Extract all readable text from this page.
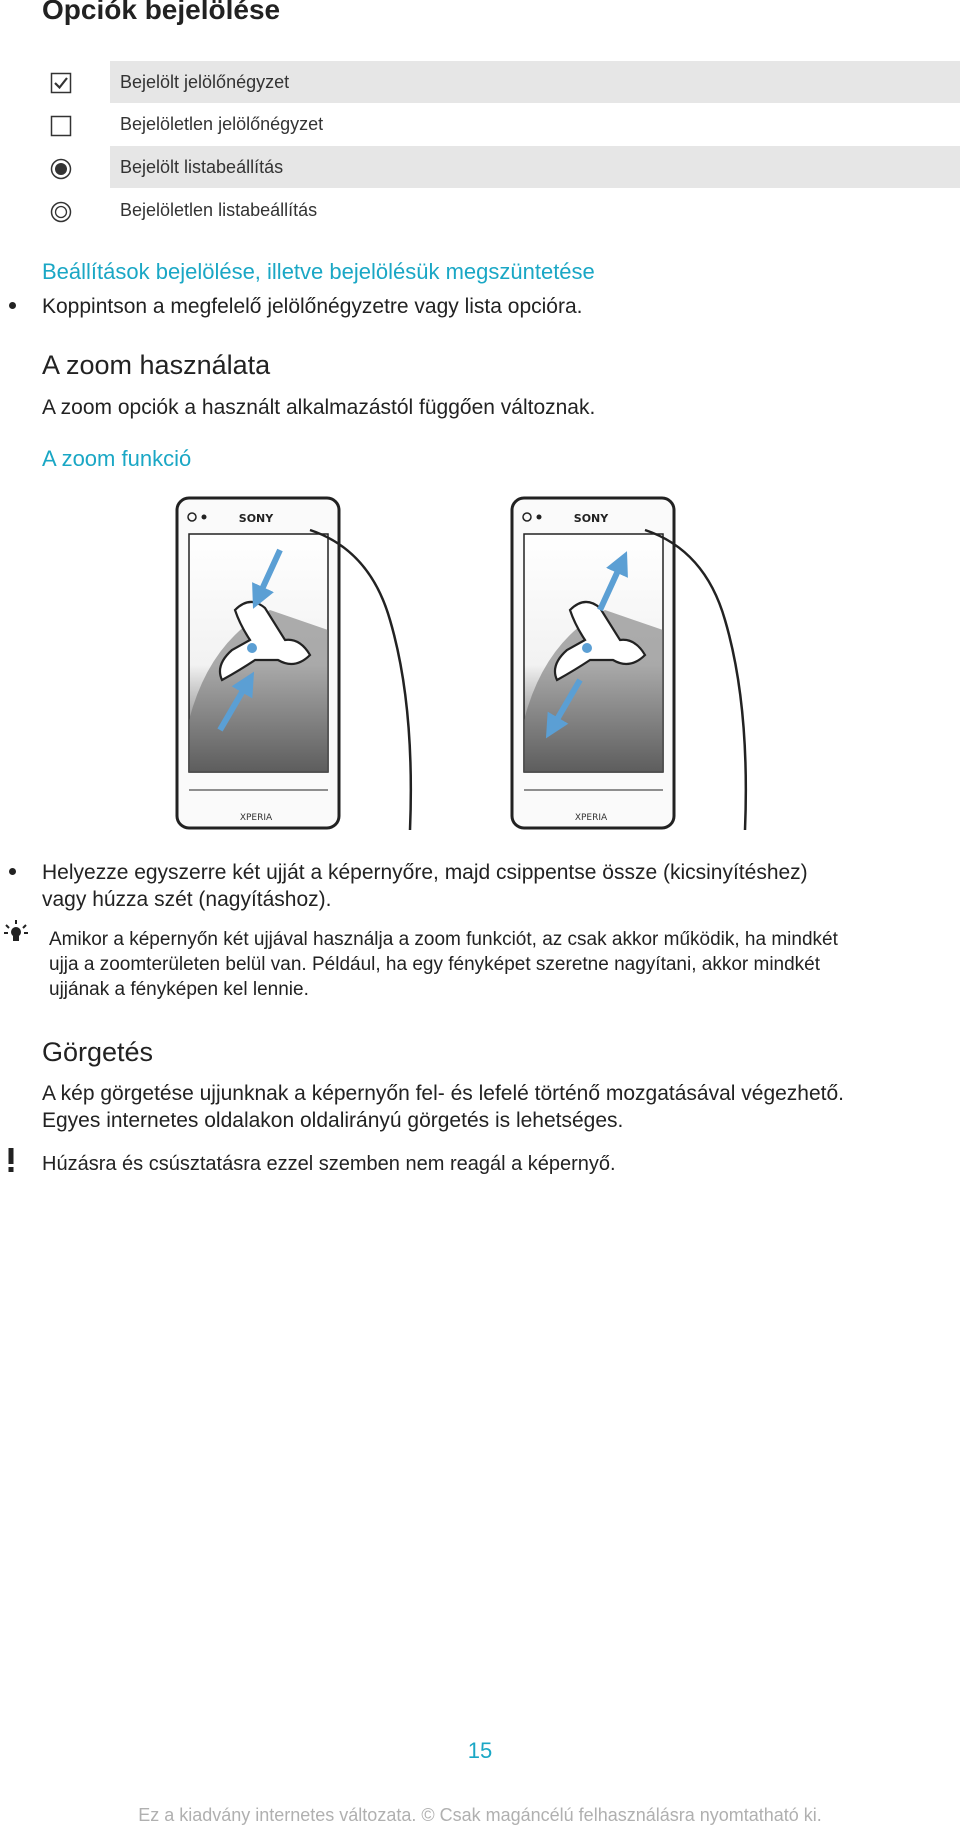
Opciók bejelölése
Bejelölt jelölőnégyzet
Bejelöletlen jelölőnégyzet
Bejelölt listabeállítás
Bejelöletlen listabeállítás

Beállítások bejelölése, illetve bejelölésük megszüntetése

Koppintson a megfelelő jelölőnégyzetre vagy lista opcióra.

A zoom használata

A zoom opciók a használt alkalmazástól függően változnak.

A zoom funkció

SONY
XPERIA
SONY
XPERIA

Helyezze egyszerre két ujját a képernyőre, majd csippentse össze (kicsinyítéshez)

vagy húzza szét (nagyításhoz).

Amikor a képernyőn két ujjával használja a zoom funkciót, az csak akkor működik, ha mindkét

ujja a zoomterületen belül van. Például, ha egy fényképet szeretne nagyítani, akkor mindkét

ujjának a fényképen kel lennie.

Görgetés

A kép görgetése ujjunknak a képernyőn fel- és lefelé történő mozgatásával végezhető.

Egyes internetes oldalakon oldalirányú görgetés is lehetséges.

Húzásra és csúsztatásra ezzel szemben nem reagál a képernyő.

15
Ez a kiadvány internetes változata. © Csak magáncélú felhasználásra nyomtatható ki.
